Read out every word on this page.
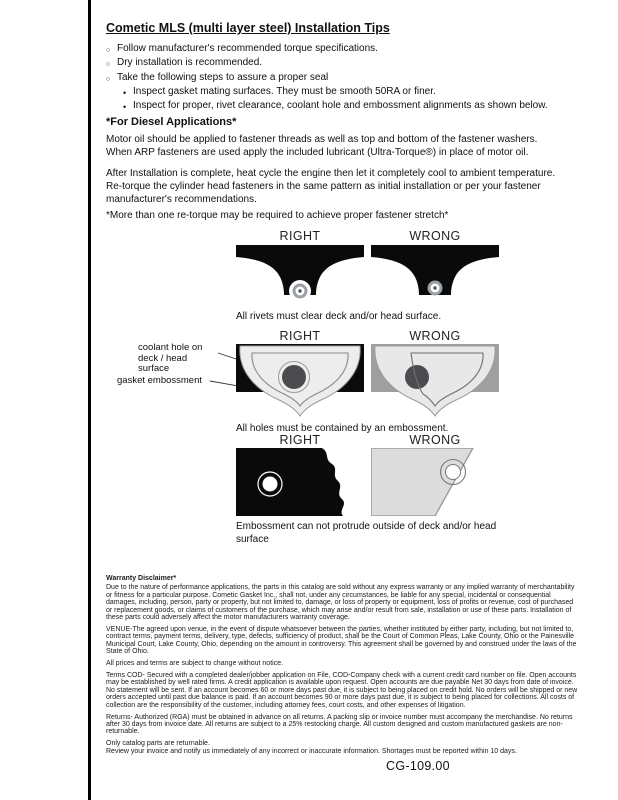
Cometic MLS (multi layer steel) Installation Tips
○ Follow manufacturer's recommended torque specifications.
○ Dry installation is recommended.
○ Take the following steps to assure a proper seal
• Inspect gasket mating surfaces. They must be smooth 50RA or finer.
• Inspect for proper, rivet clearance, coolant hole and embossment alignments as shown below.
*For Diesel Applications*
Motor oil should be applied to fastener threads as well as top and bottom of the fastener washers. When ARP fasteners are used apply the included lubricant (Ultra-Torque®) in place of motor oil.
After Installation is complete, heat cycle the engine then let it completely cool to ambient temperature. Re-torque the cylinder head fasteners in the same pattern as initial installation or per your fastener manufacturer's recommendations.
*More than one re-torque may be required to achieve proper fastener stretch*
RIGHT	WRONG
All rivets must clear deck and/or head surface.
RIGHT	WRONG
coolant hole on deck / head surface
gasket embossment
All holes must be contained by an embossment.
RIGHT	WRONG
Embossment can not protrude outside of deck and/or head surface
Warranty Disclaimer*

Due to the nature of performance applications, the parts in this catalog are sold without any express warranty or any implied warranty of merchantability or fitness for a particular purpose. Cometic Gasket Inc., shall not, under any circumstances, be liable for any special, incidental or consequential damages, including, person, party or property, but not limited to, damage, or loss of property or equipment, loss of profits or revenue, cost of purchased or replacement goods, or claims of customers of the purchase, which may arise and/or result from sale, installation or use of these parts. Installation of these parts could adversely affect the motor manufacturers warranty coverage.

VENUE-The agreed upon venue, in the event of dispute whatsoever between the parties, whether instituted by either party, including, but not limited to, contract terms, payment terms, delivery, type, defects, sufficiency of product, shall be the Court of Common Pleas, Lake County, Ohio or the Painesville Municipal Court, Lake County, Ohio, depending on the amount in controversy. This agreement shall be governed by and construed under the laws of the State of Ohio.

All prices and terms are subject to change without notice.

Terms COD- Secured with a completed dealer/jobber application on File, COD-Company check with a current credit card number on file. Open accounts may be established by well rated firms. A credit application is available upon request. Open accounts are due payable Net 30 days from date of invoice. No statement will be sent. If an account becomes 60 or more days past due, it is subject to being placed on credit hold. No orders will be shipped or new orders accepted until past due balance is paid. If an account becomes 90 or more days past due, it is subject to being placed for collections. All costs of collection are the responsibility of the customer, including attorney fees, court costs, and other expenses of litigation.

Returns- Authorized (RGA) must be obtained in advance on all returns. A packing slip or invoice number must accompany the merchandise. No returns after 30 days from invoice date. All returns are subject to a 25% restocking charge. All custom designed and custom manufactured gaskets are non-returnable.

Only catalog parts are returnable.

Review your invoice and notify us immediately of any incorrect or inaccurate information. Shortages must be reported within 10 days.

CG-109.00
